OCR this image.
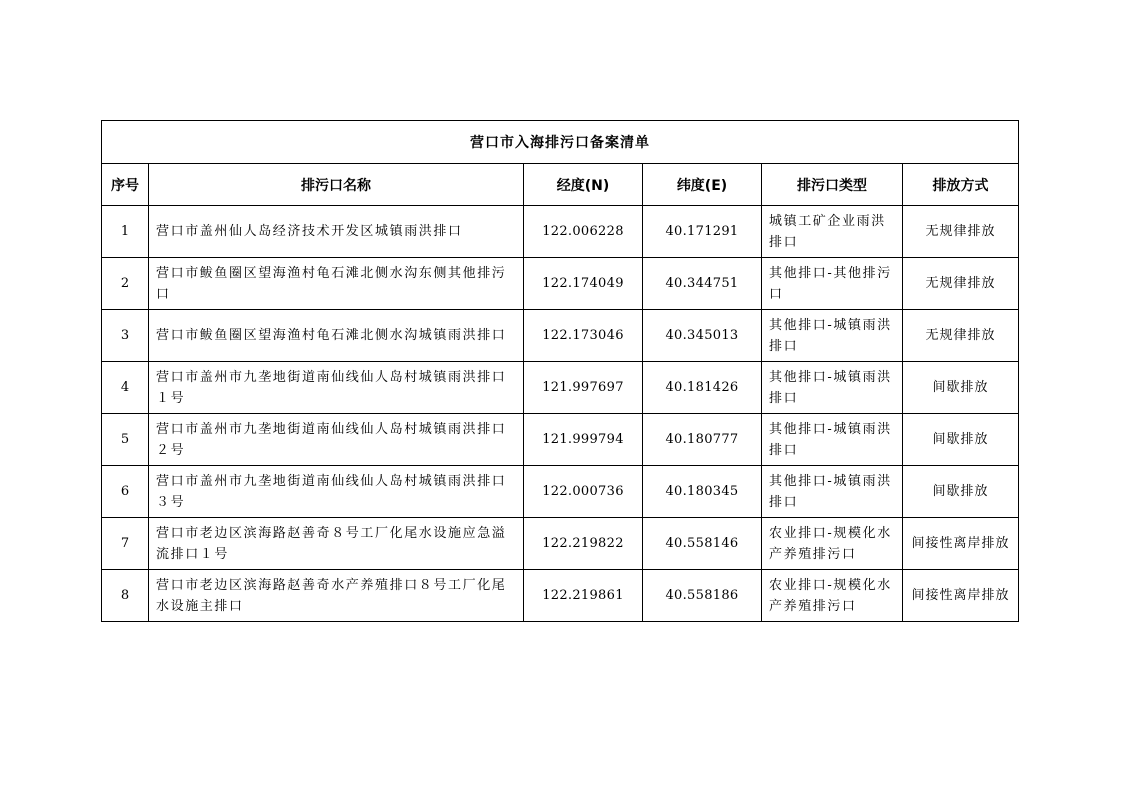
营口市入海排污口备案清单					
序号	排污口名称	经度(N)	纬度(E)	排污口类型	排放方式
1	营口市盖州仙人岛经济技术开发区城镇雨洪排口	122.006228	40.171291	城镇工矿企业雨洪排口	无规律排放
2	营口市鲅鱼圈区望海渔村龟石滩北侧水沟东侧其他排污口	122.174049	40.344751	其他排口-其他排污口	无规律排放
3	营口市鲅鱼圈区望海渔村龟石滩北侧水沟城镇雨洪排口	122.173046	40.345013	其他排口-城镇雨洪排口	无规律排放
4	营口市盖州市九垄地街道南仙线仙人岛村城镇雨洪排口１号	121.997697	40.181426	其他排口-城镇雨洪排口	间歇排放
5	营口市盖州市九垄地街道南仙线仙人岛村城镇雨洪排口２号	121.999794	40.180777	其他排口-城镇雨洪排口	间歇排放
6	营口市盖州市九垄地街道南仙线仙人岛村城镇雨洪排口３号	122.000736	40.180345	其他排口-城镇雨洪排口	间歇排放
7	营口市老边区滨海路赵善奇８号工厂化尾水设施应急溢流排口１号	122.219822	40.558146	农业排口-规模化水产养殖排污口	间接性离岸排放
8	营口市老边区滨海路赵善奇水产养殖排口８号工厂化尾水设施主排口	122.219861	40.558186	农业排口-规模化水产养殖排污口	间接性离岸排放
